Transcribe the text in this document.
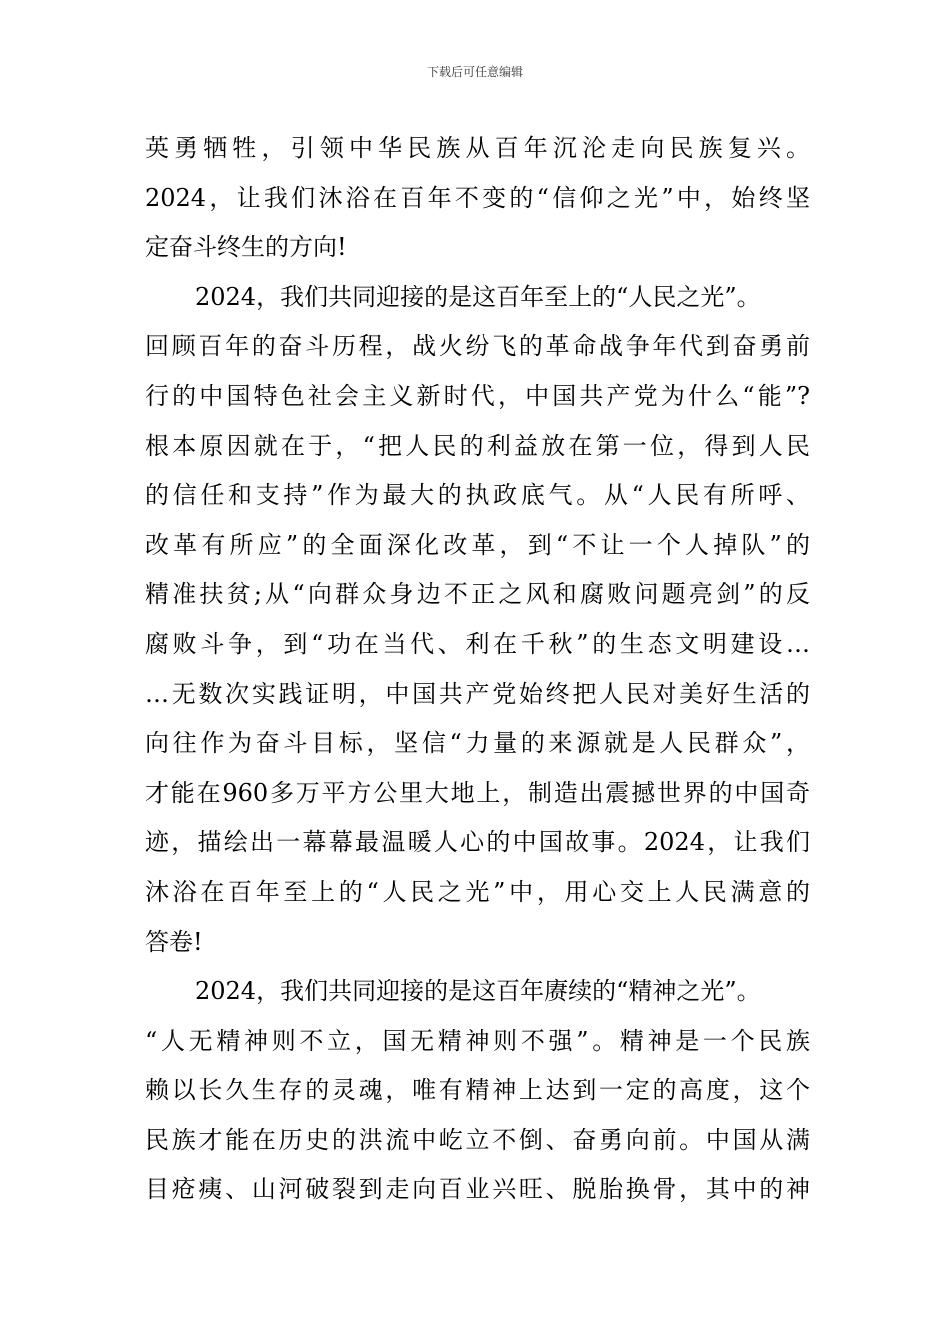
下载后可任意编辑
英勇牺牲，引领中华民族从百年沉沦走向民族复兴。
2024，让我们沐浴在百年不变的“信仰之光”中，始终坚
定奋斗终生的方向!
2024，我们共同迎接的是这百年至上的“人民之光”。
回顾百年的奋斗历程，战火纷飞的革命战争年代到奋勇前
行的中国特色社会主义新时代，中国共产党为什么“能”?
根本原因就在于，“把人民的利益放在第一位，得到人民
的信任和支持”作为最大的执政底气。从“人民有所呼、
改革有所应”的全面深化改革，到“不让一个人掉队”的
精准扶贫;从“向群众身边不正之风和腐败问题亮剑”的反
腐败斗争，到“功在当代、利在千秋”的生态文明建设…
…无数次实践证明，中国共产党始终把人民对美好生活的
向往作为奋斗目标，坚信“力量的来源就是人民群众”，
才能在960多万平方公里大地上，制造出震撼世界的中国奇
迹，描绘出一幕幕最温暖人心的中国故事。2024，让我们
沐浴在百年至上的“人民之光”中，用心交上人民满意的
答卷!
2024，我们共同迎接的是这百年赓续的“精神之光”。
“人无精神则不立，国无精神则不强”。精神是一个民族
赖以长久生存的灵魂，唯有精神上达到一定的高度，这个
民族才能在历史的洪流中屹立不倒、奋勇向前。中国从满
目疮痍、山河破裂到走向百业兴旺、脱胎换骨，其中的神
